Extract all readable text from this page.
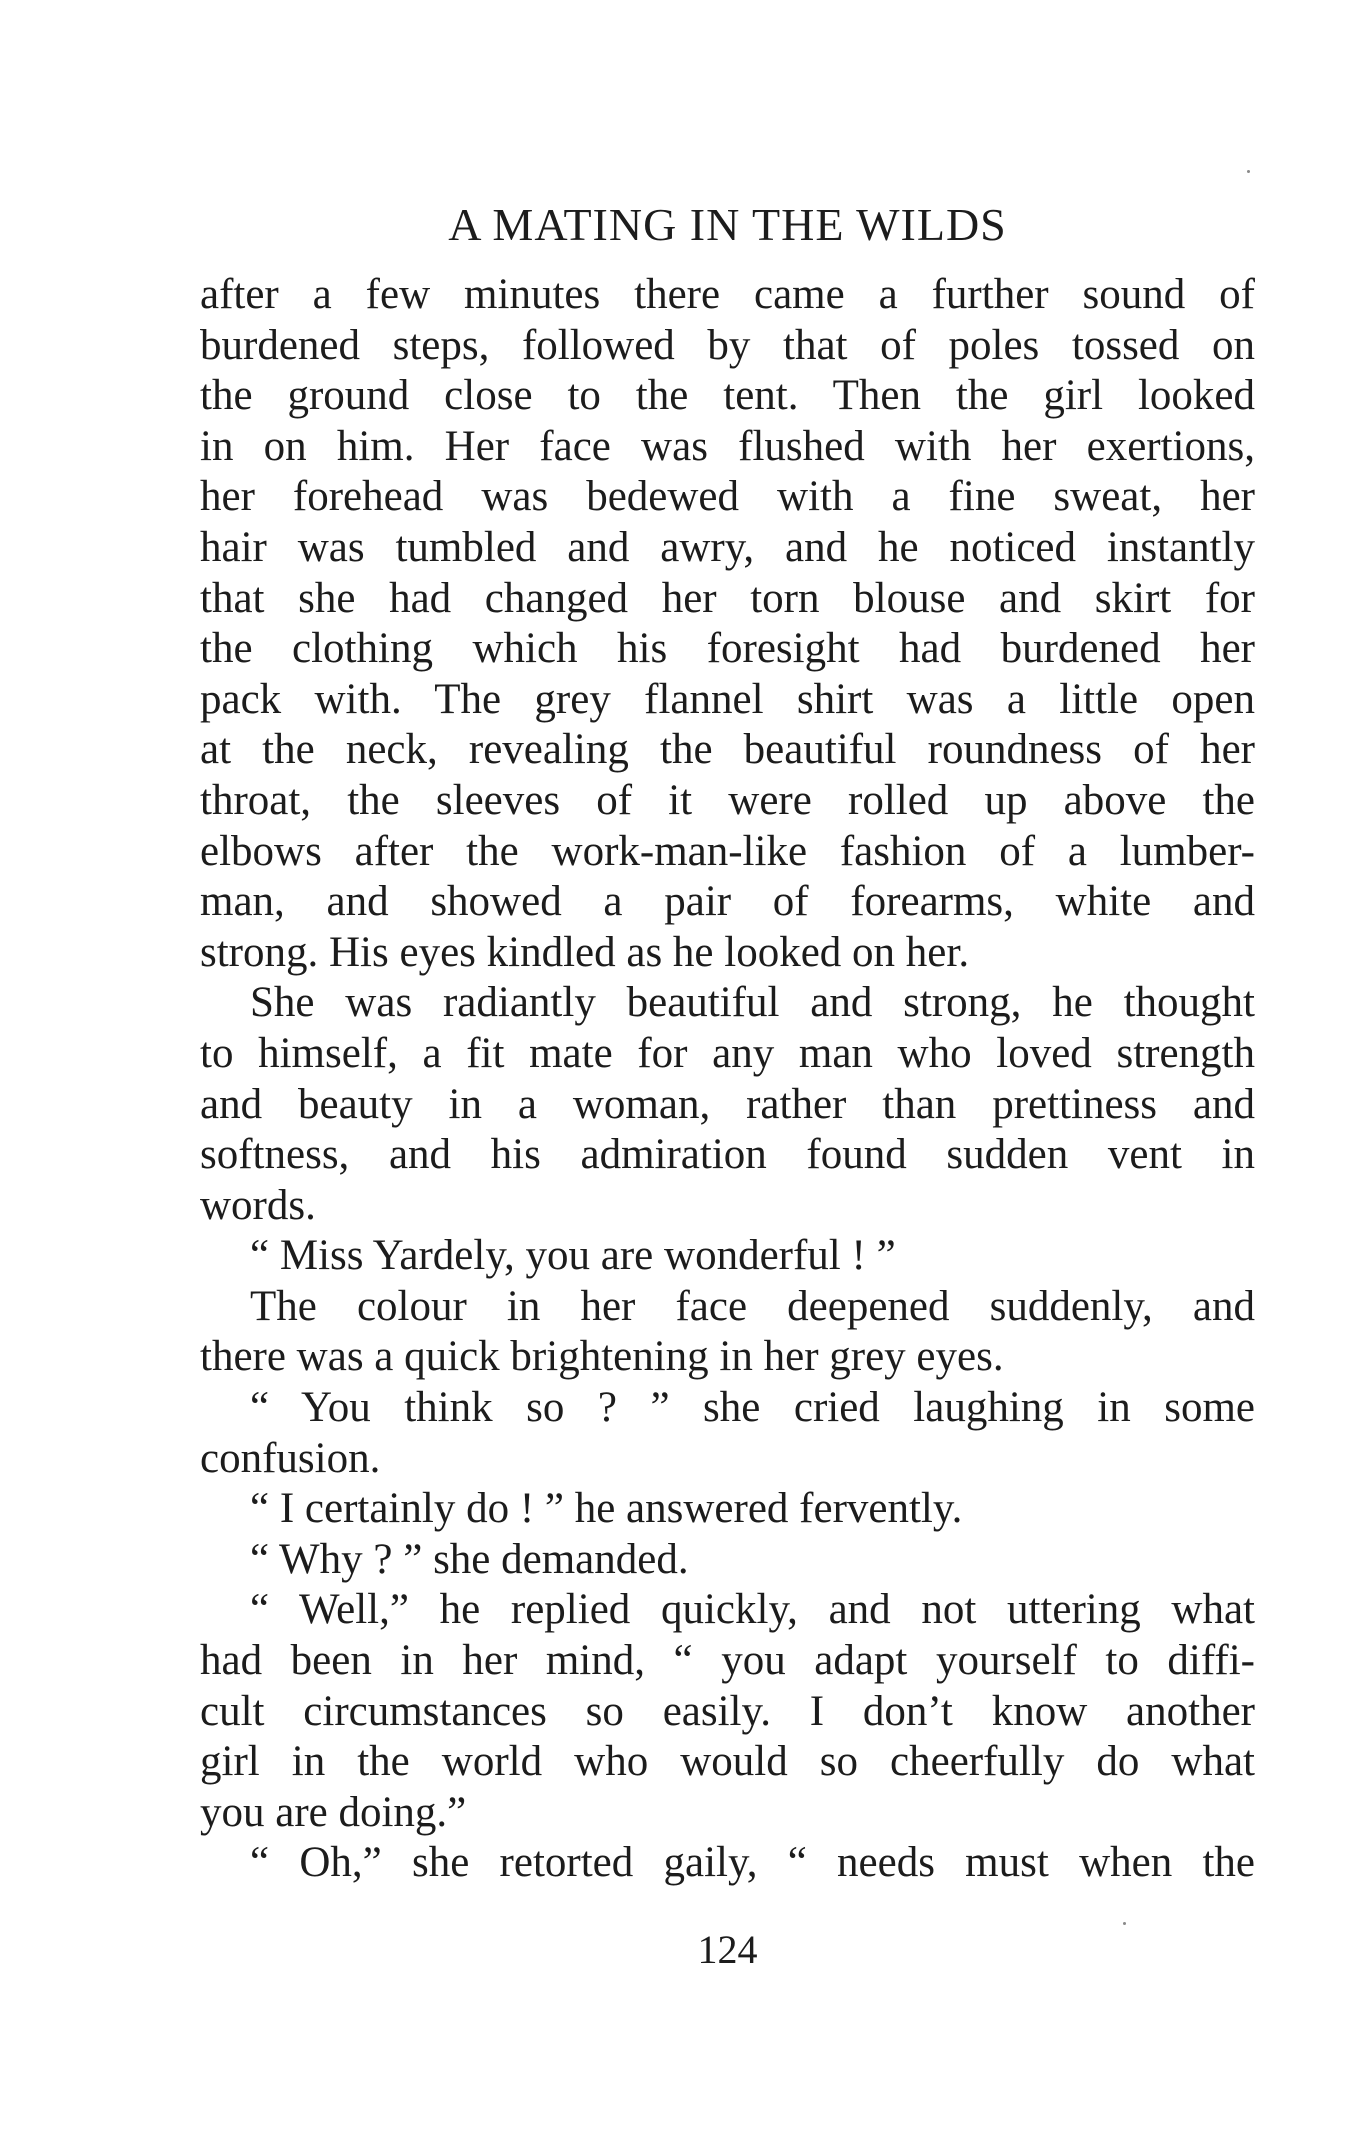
A MATING IN THE WILDS
after a few minutes there came a further sound of
burdened steps, followed by that of poles tossed on
the ground close to the tent. Then the girl looked
in on him. Her face was flushed with her exertions,
her forehead was bedewed with a fine sweat, her
hair was tumbled and awry, and he noticed instantly
that she had changed her torn blouse and skirt for
the clothing which his foresight had burdened her
pack with. The grey flannel shirt was a little open
at the neck, revealing the beautiful roundness of her
throat, the sleeves of it were rolled up above the
elbows after the work-man-like fashion of a lumber-
man, and showed a pair of forearms, white and
strong. His eyes kindled as he looked on her.
She was radiantly beautiful and strong, he thought
to himself, a fit mate for any man who loved strength
and beauty in a woman, rather than prettiness and
softness, and his admiration found sudden vent in
words.
“ Miss Yardely, you are wonderful ! ”
The colour in her face deepened suddenly, and
there was a quick brightening in her grey eyes.
“ You think so ? ” she cried laughing in some
confusion.
“ I certainly do ! ” he answered fervently.
“ Why ? ” she demanded.
“ Well,” he replied quickly, and not uttering what
had been in her mind, “ you adapt yourself to diffi-
cult circumstances so easily. I don’t know another
girl in the world who would so cheerfully do what
you are doing.”
“ Oh,” she retorted gaily, “ needs must when the
124
